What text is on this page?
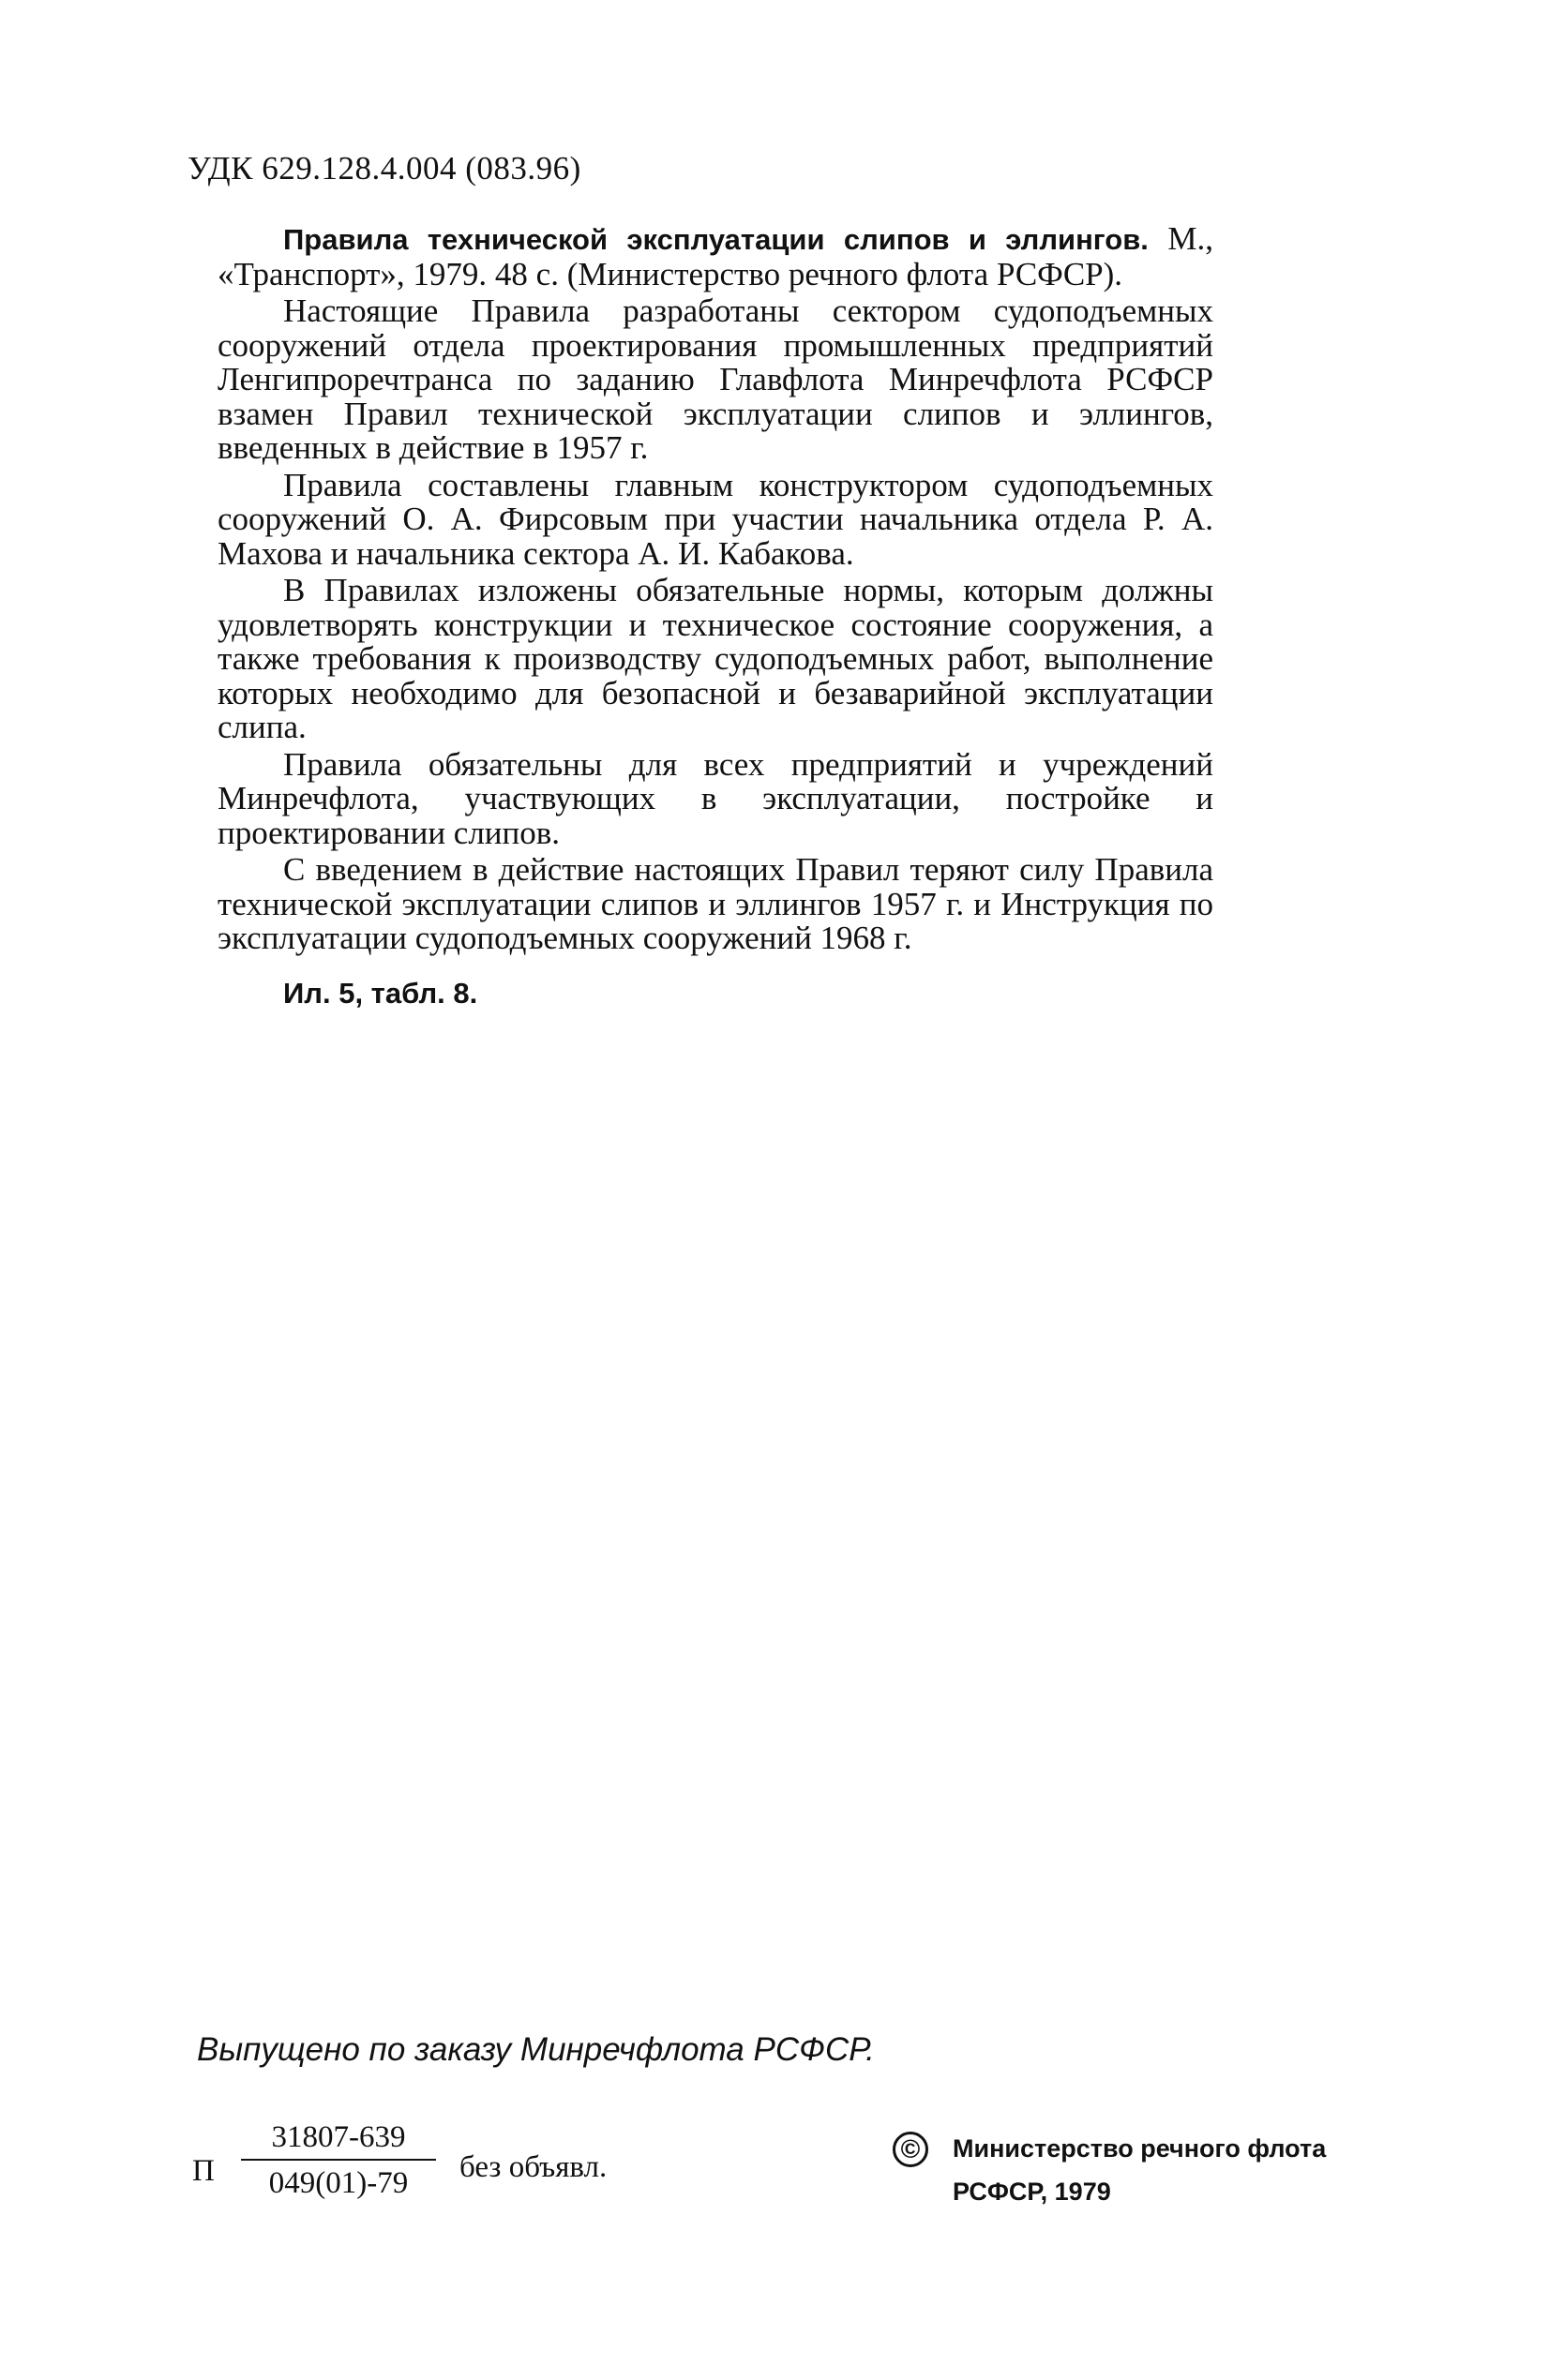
УДК 629.128.4.004 (083.96)

Правила технической эксплуатации слипов и эллингов. М., «Транспорт», 1979. 48 с. (Министерство речного флота РСФСР).

Настоящие Правила разработаны сектором судоподъемных сооружений отдела проектирования промышленных предприятий Ленгипроречтранса по заданию Главфлота Минречфлота РСФСР взамен Правил технической эксплуатации слипов и эллингов, введенных в действие в 1957 г.

Правила составлены главным конструктором судоподъемных сооружений О. А. Фирсовым при участии начальника отдела Р. А. Махова и начальника сектора А. И. Кабакова.

В Правилах изложены обязательные нормы, которым должны удовлетворять конструкции и техническое состояние сооружения, а также требования к производству судоподъемных работ, выполнение которых необходимо для безопасной и безаварийной эксплуатации слипа.

Правила обязательны для всех предприятий и учреждений Минречфлота, участвующих в эксплуатации, постройке и проектировании слипов.

С введением в действие настоящих Правил теряют силу Правила технической эксплуатации слипов и эллингов 1957 г. и Инструкция по эксплуатации судоподъемных сооружений 1968 г.

Ил. 5, табл. 8.

Выпущено по заказу Минречфлота РСФСР.
П
31807-639
049(01)-79	без объявл.
©	Министерство речного флота
РСФСР, 1979
